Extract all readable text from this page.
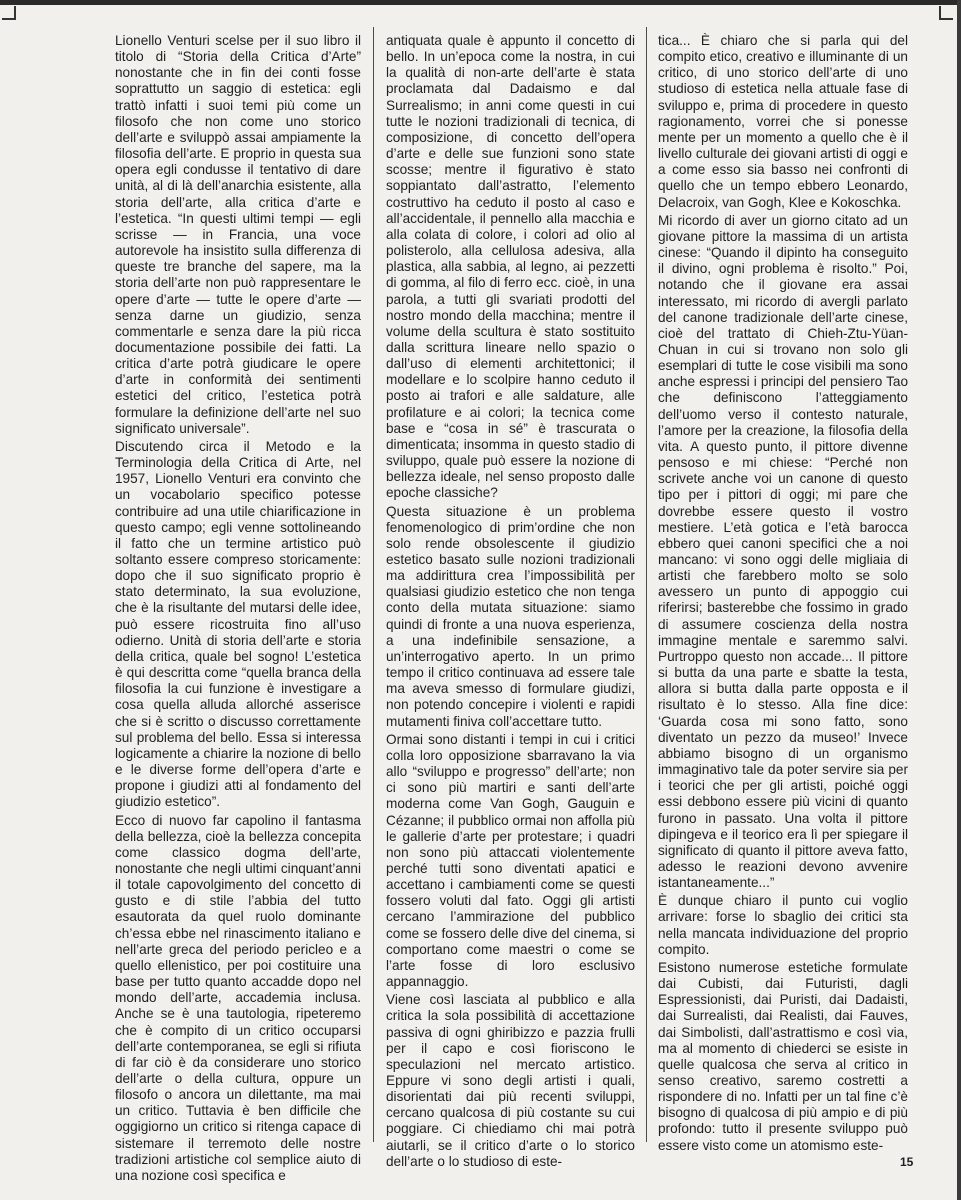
Lionello Venturi scelse per il suo libro il titolo di “Storia della Critica d’Arte” nonostante che in fin dei conti fosse soprattutto un saggio di estetica: egli trattò infatti i suoi temi più come un filosofo che non come uno storico dell’arte e sviluppò assai ampiamente la filosofia dell’arte. E proprio in questa sua opera egli condusse il tentativo di dare unità, al di là dell’anarchia esistente, alla storia dell’arte, alla critica d’arte e l’estetica. “In questi ultimi tempi — egli scrisse — in Francia, una voce autorevole ha insistito sulla differenza di queste tre branche del sapere, ma la storia dell’arte non può rappresentare le opere d’arte — tutte le opere d’arte — senza darne un giudizio, senza commentarle e senza dare la più ricca documentazione possibile dei fatti. La critica d’arte potrà giudicare le opere d’arte in conformità dei sentimenti estetici del critico, l’estetica potrà formulare la definizione dell’arte nel suo significato universale”.

Discutendo circa il Metodo e la Terminologia della Critica di Arte, nel 1957, Lionello Venturi era convinto che un vocabolario specifico potesse contribuire ad una utile chiarificazione in questo campo; egli venne sottolineando il fatto che un termine artistico può soltanto essere compreso storicamente: dopo che il suo significato proprio è stato determinato, la sua evoluzione, che è la risultante del mutarsi delle idee, può essere ricostruita fino all’uso odierno. Unità di storia dell’arte e storia della critica, quale bel sogno! L’estetica è qui descritta come “quella branca della filosofia la cui funzione è investigare a cosa quella alluda allorché asserisce che si è scritto o discusso correttamente sul problema del bello. Essa si interessa logicamente a chiarire la nozione di bello e le diverse forme dell’opera d’arte e propone i giudizi atti al fondamento del giudizio estetico”.

Ecco di nuovo far capolino il fantasma della bellezza, cioè la bellezza concepita come classico dogma dell’arte, nonostante che negli ultimi cinquant’anni il totale capovolgimento del concetto di gusto e di stile l’abbia del tutto esautorata da quel ruolo dominante ch’essa ebbe nel rinascimento italiano e nell’arte greca del periodo pericleo e a quello ellenistico, per poi costituire una base per tutto quanto accadde dopo nel mondo dell’arte, accademia inclusa. Anche se è una tautologia, ripeteremo che è compito di un critico occuparsi dell’arte contemporanea, se egli si rifiuta di far ciò è da considerare uno storico dell’arte o della cultura, oppure un filosofo o ancora un dilettante, ma mai un critico. Tuttavia è ben difficile che oggigiorno un critico si ritenga capace di sistemare il terremoto delle nostre tradizioni artistiche col semplice aiuto di una nozione così specifica e

antiquata quale è appunto il concetto di bello. In un’epoca come la nostra, in cui la qualità di non-arte dell’arte è stata proclamata dal Dadaismo e dal Surrealismo; in anni come questi in cui tutte le nozioni tradizionali di tecnica, di composizione, di concetto dell’opera d’arte e delle sue funzioni sono state scosse; mentre il figurativo è stato soppiantato dall’astratto, l’elemento costruttivo ha ceduto il posto al caso e all’accidentale, il pennello alla macchia e alla colata di colore, i colori ad olio al polisterolo, alla cellulosa adesiva, alla plastica, alla sabbia, al legno, ai pezzetti di gomma, al filo di ferro ecc. cioè, in una parola, a tutti gli svariati prodotti del nostro mondo della macchina; mentre il volume della scultura è stato sostituito dalla scrittura lineare nello spazio o dall’uso di elementi architettonici; il modellare e lo scolpire hanno ceduto il posto ai trafori e alle saldature, alle profilature e ai colori; la tecnica come base e “cosa in sé” è trascurata o dimenticata; insomma in questo stadio di sviluppo, quale può essere la nozione di bellezza ideale, nel senso proposto dalle epoche classiche?

Questa situazione è un problema fenomenologico di prim’ordine che non solo rende obsolescente il giudizio estetico basato sulle nozioni tradizionali ma addirittura crea l’impossibilità per qualsiasi giudizio estetico che non tenga conto della mutata situazione: siamo quindi di fronte a una nuova esperienza, a una indefinibile sensazione, a un’interrogativo aperto. In un primo tempo il critico continuava ad essere tale ma aveva smesso di formulare giudizi, non potendo concepire i violenti e rapidi mutamenti finiva coll’accettare tutto.

Ormai sono distanti i tempi in cui i critici colla loro opposizione sbarravano la via allo “sviluppo e progresso” dell’arte; non ci sono più martiri e santi dell’arte moderna come Van Gogh, Gauguin e Cézanne; il pubblico ormai non affolla più le gallerie d’arte per protestare; i quadri non sono più attaccati violentemente perché tutti sono diventati apatici e accettano i cambiamenti come se questi fossero voluti dal fato. Oggi gli artisti cercano l’ammirazione del pubblico come se fossero delle dive del cinema, si comportano come maestri o come se l’arte fosse di loro esclusivo appannaggio.

Viene così lasciata al pubblico e alla critica la sola possibilità di accettazione passiva di ogni ghiribizzo e pazzia frulli per il capo e così fioriscono le speculazioni nel mercato artistico. Eppure vi sono degli artisti i quali, disorientati dai più recenti sviluppi, cercano qualcosa di più costante su cui poggiare. Ci chiediamo chi mai potrà aiutarli, se il critico d’arte o lo storico dell’arte o lo studioso di este-

tica... È chiaro che si parla qui del compito etico, creativo e illuminante di un critico, di uno storico dell’arte di uno studioso di estetica nella attuale fase di sviluppo e, prima di procedere in questo ragionamento, vorrei che si ponesse mente per un momento a quello che è il livello culturale dei giovani artisti di oggi e a come esso sia basso nei confronti di quello che un tempo ebbero Leonardo, Delacroix, van Gogh, Klee e Kokoschka.

Mi ricordo di aver un giorno citato ad un giovane pittore la massima di un artista cinese: “Quando il dipinto ha conseguito il divino, ogni problema è risolto.” Poi, notando che il giovane era assai interessato, mi ricordo di avergli parlato del canone tradizionale dell’arte cinese, cioè del trattato di Chieh-Ztu-Yüan-Chuan in cui si trovano non solo gli esemplari di tutte le cose visibili ma sono anche espressi i principi del pensiero Tao che definiscono l’atteggiamento dell’uomo verso il contesto naturale, l’amore per la creazione, la filosofia della vita. A questo punto, il pittore divenne pensoso e mi chiese: “Perché non scrivete anche voi un canone di questo tipo per i pittori di oggi; mi pare che dovrebbe essere questo il vostro mestiere. L’età gotica e l’età barocca ebbero quei canoni specifici che a noi mancano: vi sono oggi delle migliaia di artisti che farebbero molto se solo avessero un punto di appoggio cui riferirsi; basterebbe che fossimo in grado di assumere coscienza della nostra immagine mentale e saremmo salvi. Purtroppo questo non accade... Il pittore si butta da una parte e sbatte la testa, allora si butta dalla parte opposta e il risultato è lo stesso. Alla fine dice: ‘Guarda cosa mi sono fatto, sono diventato un pezzo da museo!’ Invece abbiamo bisogno di un organismo immaginativo tale da poter servire sia per i teorici che per gli artisti, poiché oggi essi debbono essere più vicini di quanto furono in passato. Una volta il pittore dipingeva e il teorico era lì per spiegare il significato di quanto il pittore aveva fatto, adesso le reazioni devono avvenire istantaneamente...”

È dunque chiaro il punto cui voglio arrivare: forse lo sbaglio dei critici sta nella mancata individuazione del proprio compito.

Esistono numerose estetiche formulate dai Cubisti, dai Futuristi, dagli Espressionisti, dai Puristi, dai Dadaisti, dai Surrealisti, dai Realisti, dai Fauves, dai Simbolisti, dall’astrattismo e così via, ma al momento di chiederci se esiste in quelle qualcosa che serva al critico in senso creativo, saremo costretti a rispondere di no. Infatti per un tal fine c’è bisogno di qualcosa di più ampio e di più profondo: tutto il presente sviluppo può essere visto come un atomismo este-

15
